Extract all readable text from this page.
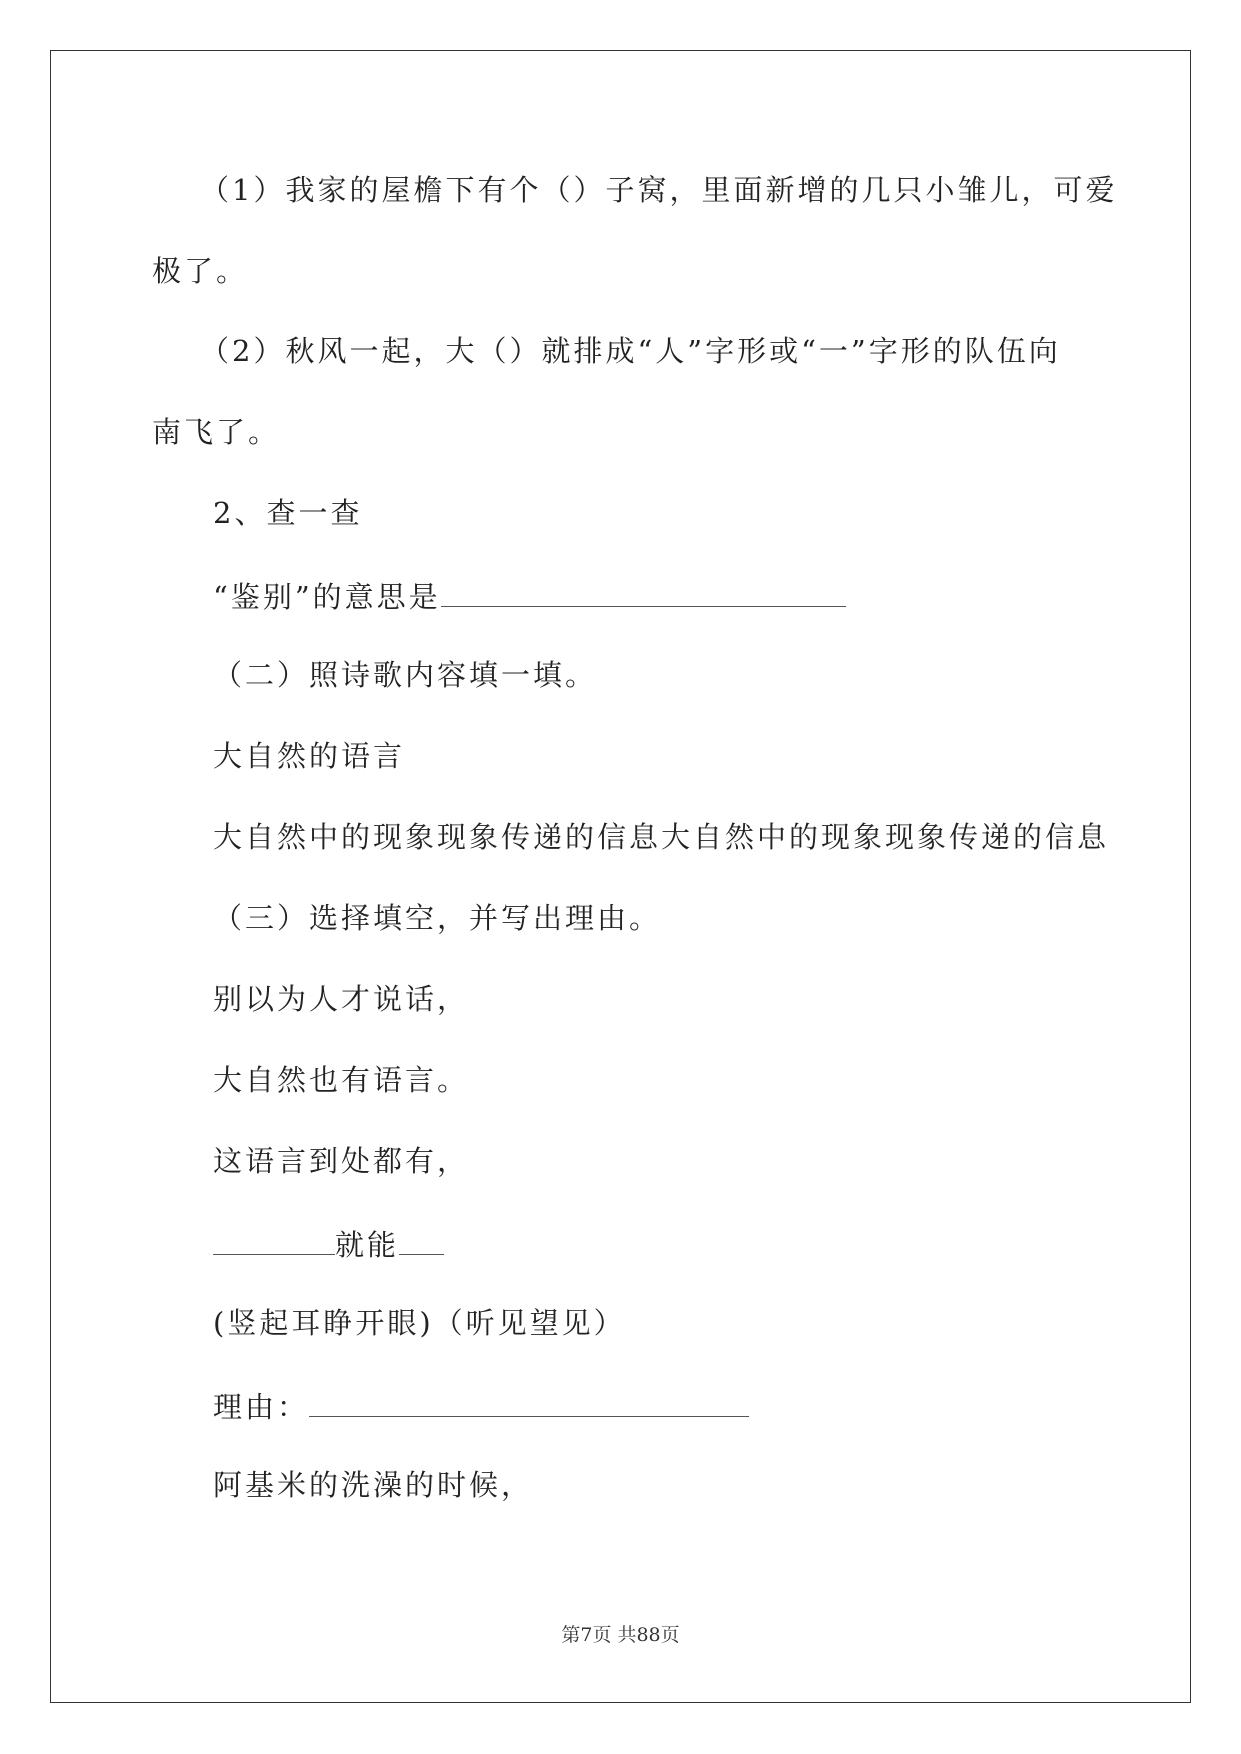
（1）我家的屋檐下有个（）子窝，里面新增的几只小雏儿，可爱
极了。
（2）秋风一起，大（）就排成“人”字形或“一”字形的队伍向
南飞了。
2、查一查
“鉴别”的意思是
（二）照诗歌内容填一填。
大自然的语言
大自然中的现象现象传递的信息大自然中的现象现象传递的信息
（三）选择填空，并写出理由。
别以为人才说话，
大自然也有语言。
这语言到处都有，
就能
(竖起耳睁开眼)（听见望见）
理由：
阿基米的洗澡的时候，
第7页 共88页
